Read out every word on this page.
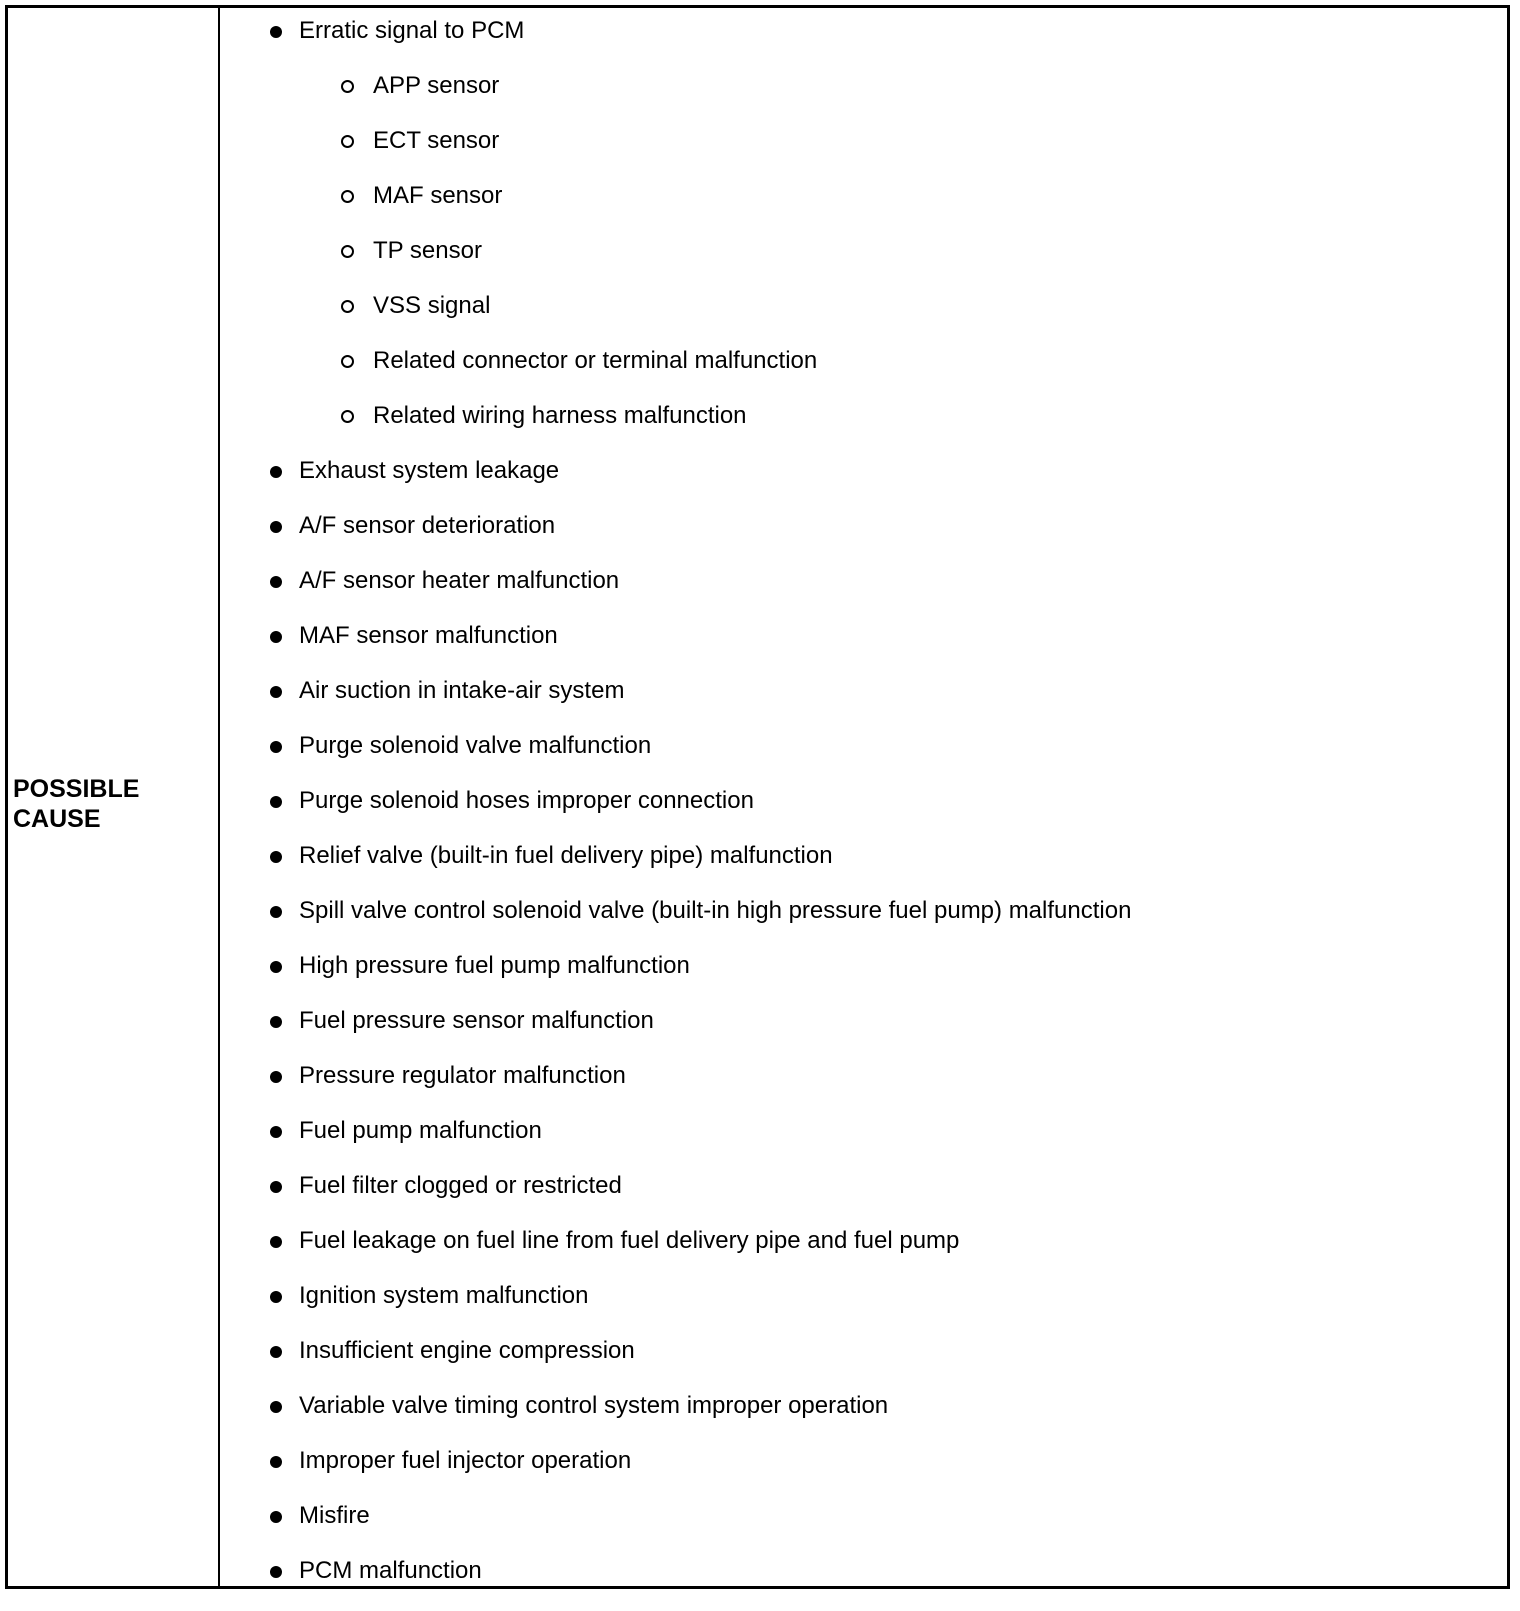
POSSIBLE CAUSE
Erratic signal to PCM
APP sensor
ECT sensor
MAF sensor
TP sensor
VSS signal
Related connector or terminal malfunction
Related wiring harness malfunction
Exhaust system leakage
A/F sensor deterioration
A/F sensor heater malfunction
MAF sensor malfunction
Air suction in intake-air system
Purge solenoid valve malfunction
Purge solenoid hoses improper connection
Relief valve (built-in fuel delivery pipe) malfunction
Spill valve control solenoid valve (built-in high pressure fuel pump) malfunction
High pressure fuel pump malfunction
Fuel pressure sensor malfunction
Pressure regulator malfunction
Fuel pump malfunction
Fuel filter clogged or restricted
Fuel leakage on fuel line from fuel delivery pipe and fuel pump
Ignition system malfunction
Insufficient engine compression
Variable valve timing control system improper operation
Improper fuel injector operation
Misfire
PCM malfunction
